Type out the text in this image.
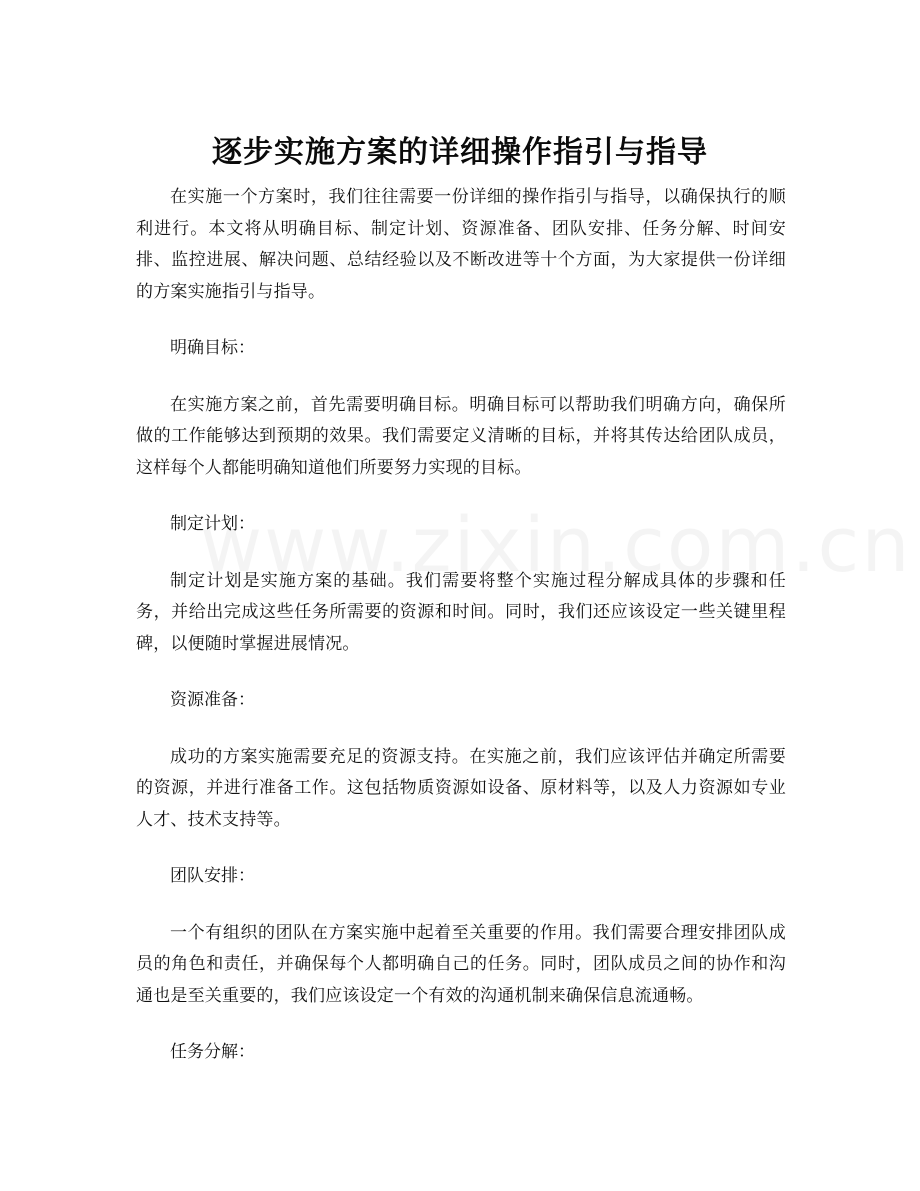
逐步实施方案的详细操作指引与指导

在实施一个方案时，我们往往需要一份详细的操作指引与指导，以确保执行的顺利进行。本文将从明确目标、制定计划、资源准备、团队安排、任务分解、时间安排、监控进展、解决问题、总结经验以及不断改进等十个方面，为大家提供一份详细的方案实施指引与指导。

明确目标：

在实施方案之前，首先需要明确目标。明确目标可以帮助我们明确方向，确保所做的工作能够达到预期的效果。我们需要定义清晰的目标，并将其传达给团队成员，这样每个人都能明确知道他们所要努力实现的目标。

制定计划：

制定计划是实施方案的基础。我们需要将整个实施过程分解成具体的步骤和任务，并给出完成这些任务所需要的资源和时间。同时，我们还应该设定一些关键里程碑，以便随时掌握进展情况。

资源准备：

成功的方案实施需要充足的资源支持。在实施之前，我们应该评估并确定所需要的资源，并进行准备工作。这包括物质资源如设备、原材料等，以及人力资源如专业人才、技术支持等。

团队安排：

一个有组织的团队在方案实施中起着至关重要的作用。我们需要合理安排团队成员的角色和责任，并确保每个人都明确自己的任务。同时，团队成员之间的协作和沟通也是至关重要的，我们应该设定一个有效的沟通机制来确保信息流通畅。

任务分解：
